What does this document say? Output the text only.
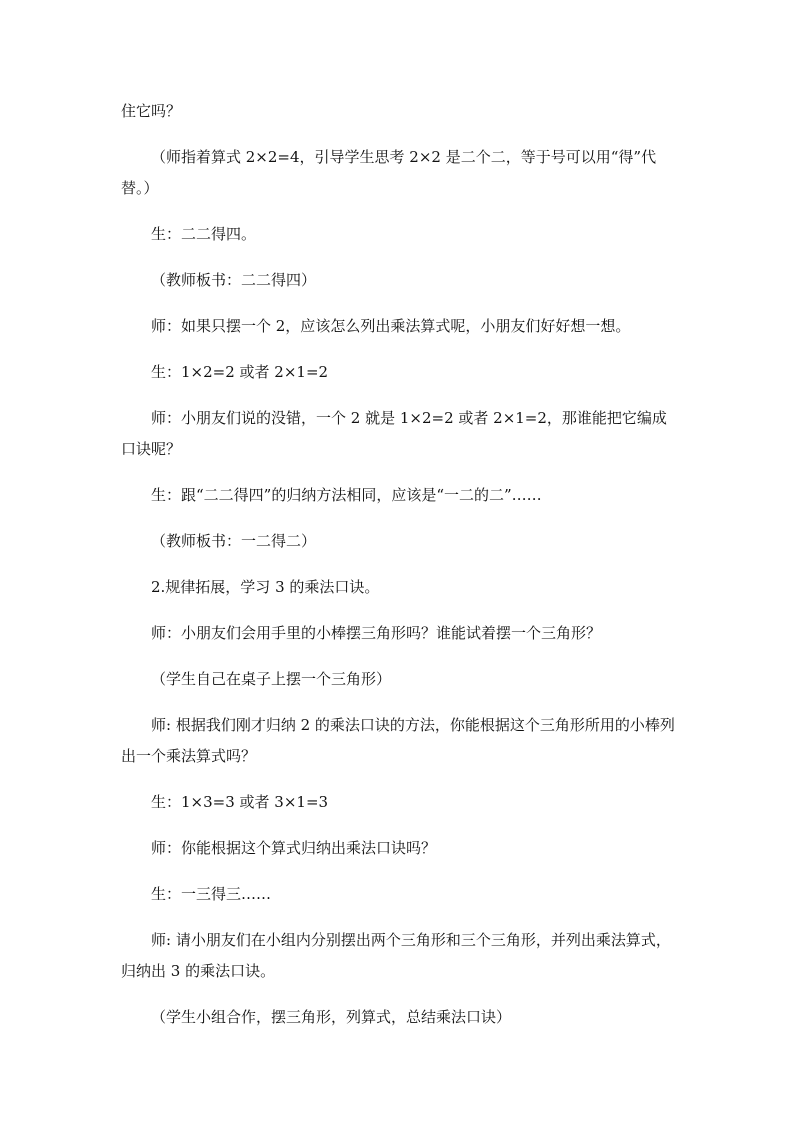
住它吗？

（师指着算式 2×2=4，引导学生思考 2×2 是二个二，等于号可以用“得”代替。）

生：二二得四。

（教师板书：二二得四）

师：如果只摆一个 2，应该怎么列出乘法算式呢，小朋友们好好想一想。

生：1×2=2 或者 2×1=2

师：小朋友们说的没错，一个 2 就是 1×2=2 或者 2×1=2，那谁能把它编成口诀呢？

生：跟“二二得四”的归纳方法相同，应该是“一二的二”……

（教师板书：一二得二）

2.规律拓展，学习 3 的乘法口诀。

师：小朋友们会用手里的小棒摆三角形吗？谁能试着摆一个三角形？

（学生自己在桌子上摆一个三角形）

师: 根据我们刚才归纳 2 的乘法口诀的方法，你能根据这个三角形所用的小棒列出一个乘法算式吗？

生：1×3=3 或者 3×1=3

师：你能根据这个算式归纳出乘法口诀吗？

生：一三得三……

师: 请小朋友们在小组内分别摆出两个三角形和三个三角形，并列出乘法算式，归纳出 3 的乘法口诀。

（学生小组合作，摆三角形，列算式，总结乘法口诀）
